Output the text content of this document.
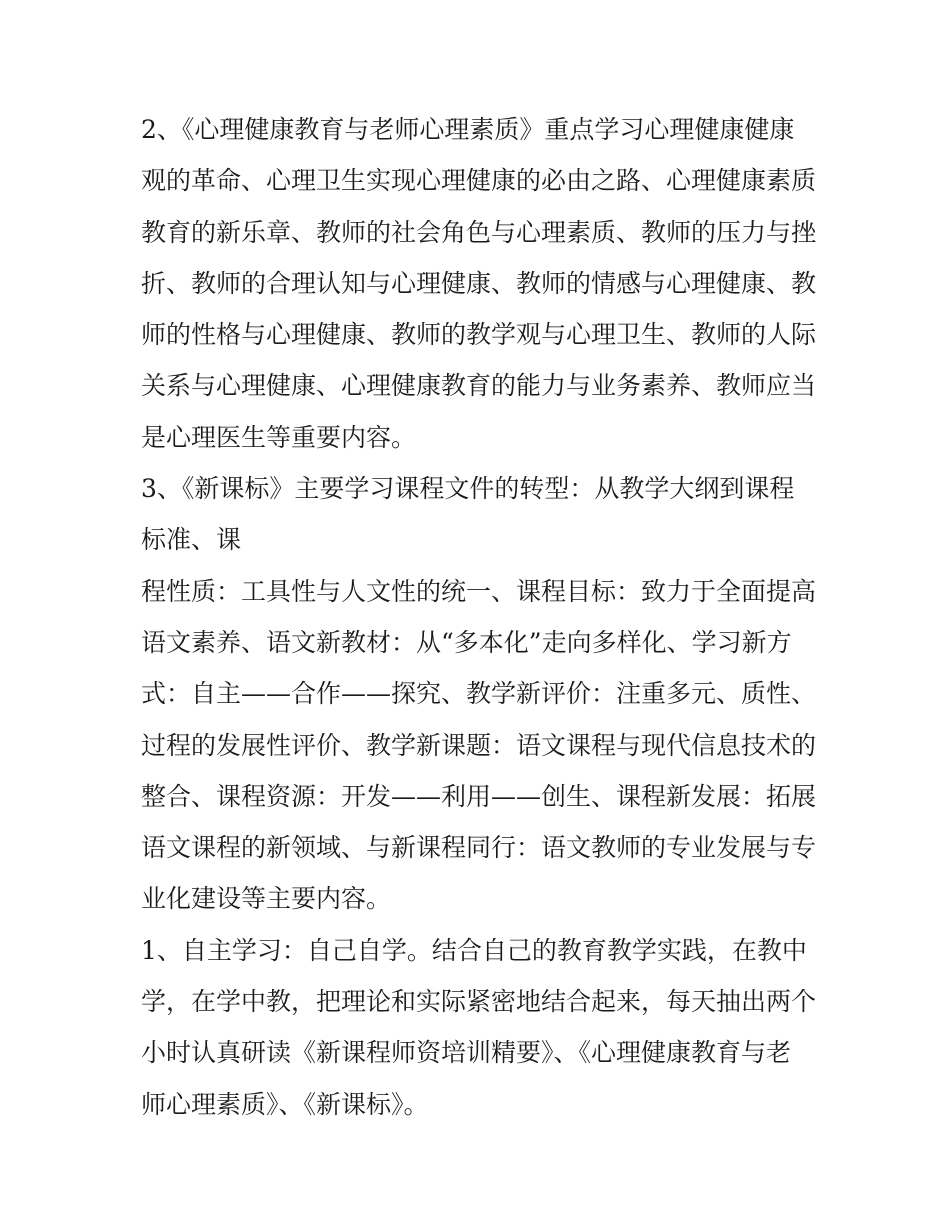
2、《心理健康教育与老师心理素质》重点学习心理健康健康
观的革命、心理卫生实现心理健康的必由之路、心理健康素质
教育的新乐章、教师的社会角色与心理素质、教师的压力与挫
折、教师的合理认知与心理健康、教师的情感与心理健康、教
师的性格与心理健康、教师的教学观与心理卫生、教师的人际
关系与心理健康、心理健康教育的能力与业务素养、教师应当
是心理医生等重要内容。
3、《新课标》主要学习课程文件的转型：从教学大纲到课程
标准、课
程性质：工具性与人文性的统一、课程目标：致力于全面提高
语文素养、语文新教材：从“多本化”走向多样化、学习新方
式：自主——合作——探究、教学新评价：注重多元、质性、
过程的发展性评价、教学新课题：语文课程与现代信息技术的
整合、课程资源：开发——利用——创生、课程新发展：拓展
语文课程的新领域、与新课程同行：语文教师的专业发展与专
业化建设等主要内容。
1、自主学习：自己自学。结合自己的教育教学实践，在教中
学，在学中教，把理论和实际紧密地结合起来，每天抽出两个
小时认真研读《新课程师资培训精要》、《心理健康教育与老
师心理素质》、《新课标》。
